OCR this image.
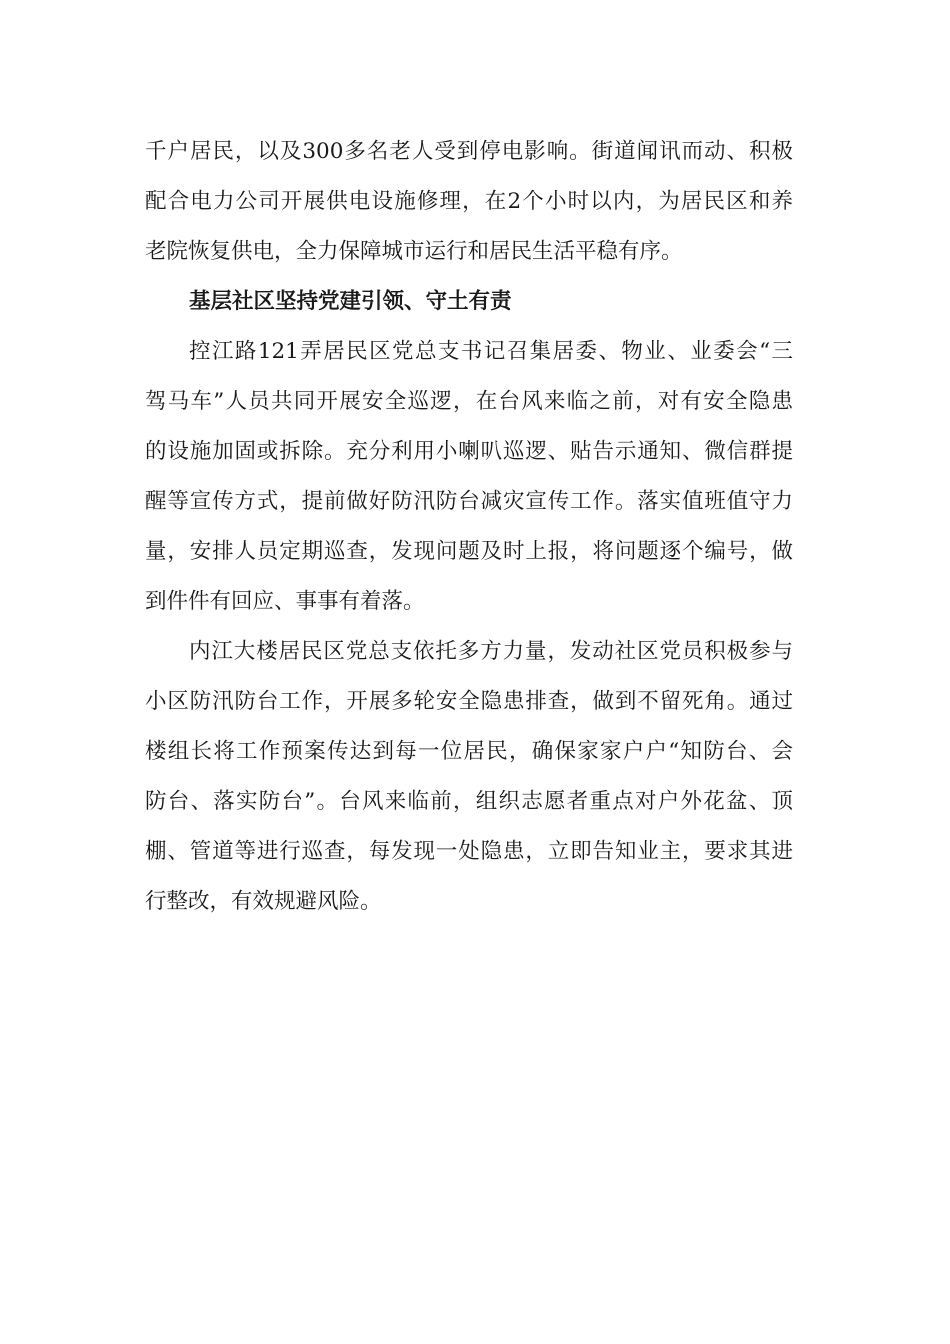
千户居民，以及300多名老人受到停电影响。街道闻讯而动、积极
配合电力公司开展供电设施修理，在2个小时以内，为居民区和养
老院恢复供电，全力保障城市运行和居民生活平稳有序。
基层社区坚持党建引领、守土有责
控江路121弄居民区党总支书记召集居委、物业、业委会“三
驾马车”人员共同开展安全巡逻，在台风来临之前，对有安全隐患
的设施加固或拆除。充分利用小喇叭巡逻、贴告示通知、微信群提
醒等宣传方式，提前做好防汛防台减灾宣传工作。落实值班值守力
量，安排人员定期巡查，发现问题及时上报，将问题逐个编号，做
到件件有回应、事事有着落。
内江大楼居民区党总支依托多方力量，发动社区党员积极参与
小区防汛防台工作，开展多轮安全隐患排查，做到不留死角。通过
楼组长将工作预案传达到每一位居民，确保家家户户“知防台、会
防台、落实防台”。台风来临前，组织志愿者重点对户外花盆、顶
棚、管道等进行巡查，每发现一处隐患，立即告知业主，要求其进
行整改，有效规避风险。
